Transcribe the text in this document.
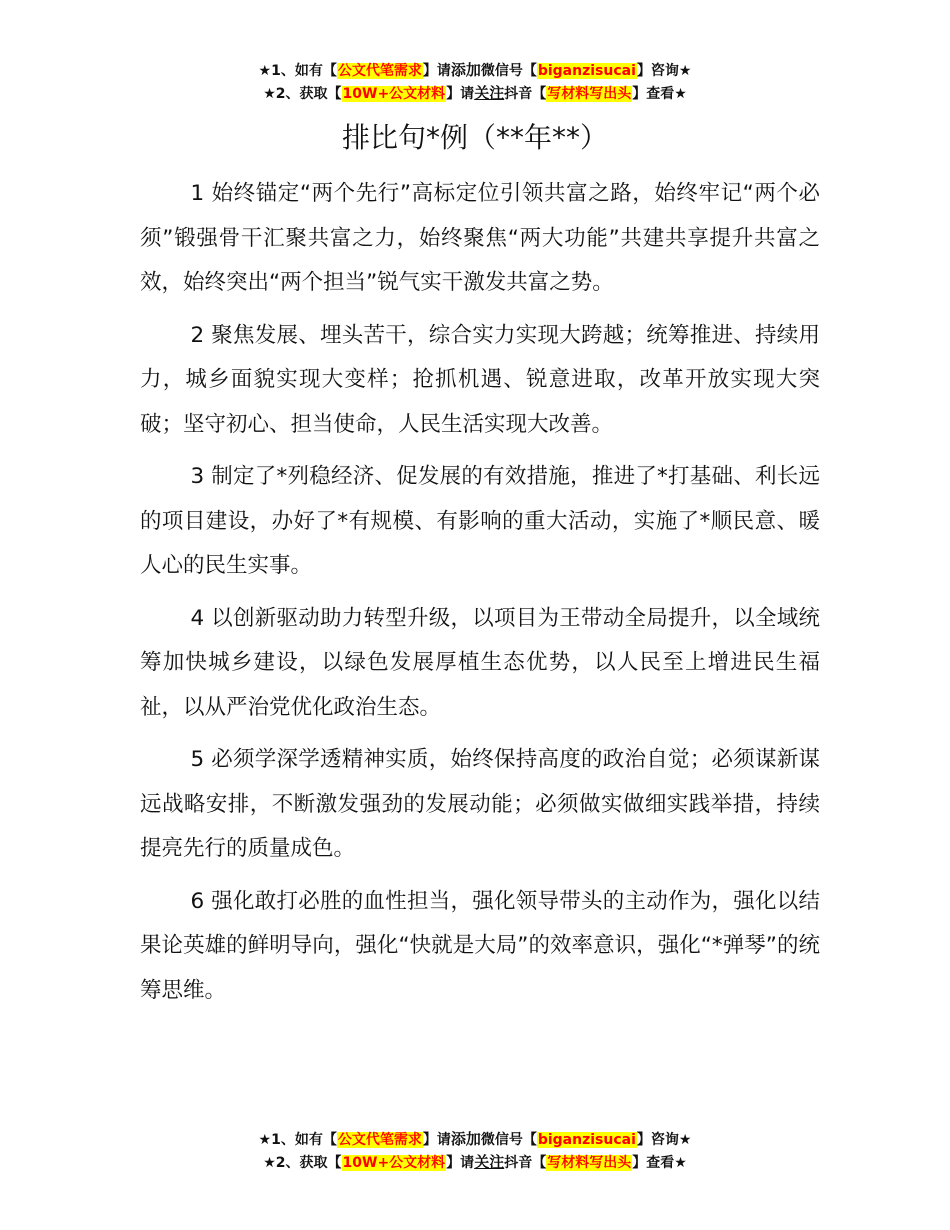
★1、如有【公文代笔需求】请添加微信号【biganzisucai】咨询★
★2、获取【10W+公文材料】请关注抖音【写材料写出头】查看★
排比句*例（**年**）

1 始终锚定“两个先行”高标定位引领共富之路，始终牢记“两个必须”锻强骨干汇聚共富之力，始终聚焦“两大功能”共建共享提升共富之效，始终突出“两个担当”锐气实干激发共富之势。

2 聚焦发展、埋头苦干，综合实力实现大跨越；统筹推进、持续用力，城乡面貌实现大变样；抢抓机遇、锐意进取，改革开放实现大突破；坚守初心、担当使命，人民生活实现大改善。

3 制定了*列稳经济、促发展的有效措施，推进了*打基础、利长远的项目建设，办好了*有规模、有影响的重大活动，实施了*顺民意、暖人心的民生实事。

4 以创新驱动助力转型升级，以项目为王带动全局提升，以全域统筹加快城乡建设，以绿色发展厚植生态优势，以人民至上增进民生福祉，以从严治党优化政治生态。

5 必须学深学透精神实质，始终保持高度的政治自觉；必须谋新谋远战略安排，不断激发强劲的发展动能；必须做实做细实践举措，持续提亮先行的质量成色。

6 强化敢打必胜的血性担当，强化领导带头的主动作为，强化以结果论英雄的鲜明导向，强化“快就是大局”的效率意识，强化“*弹琴”的统筹思维。

★1、如有【公文代笔需求】请添加微信号【biganzisucai】咨询★
★2、获取【10W+公文材料】请关注抖音【写材料写出头】查看★
